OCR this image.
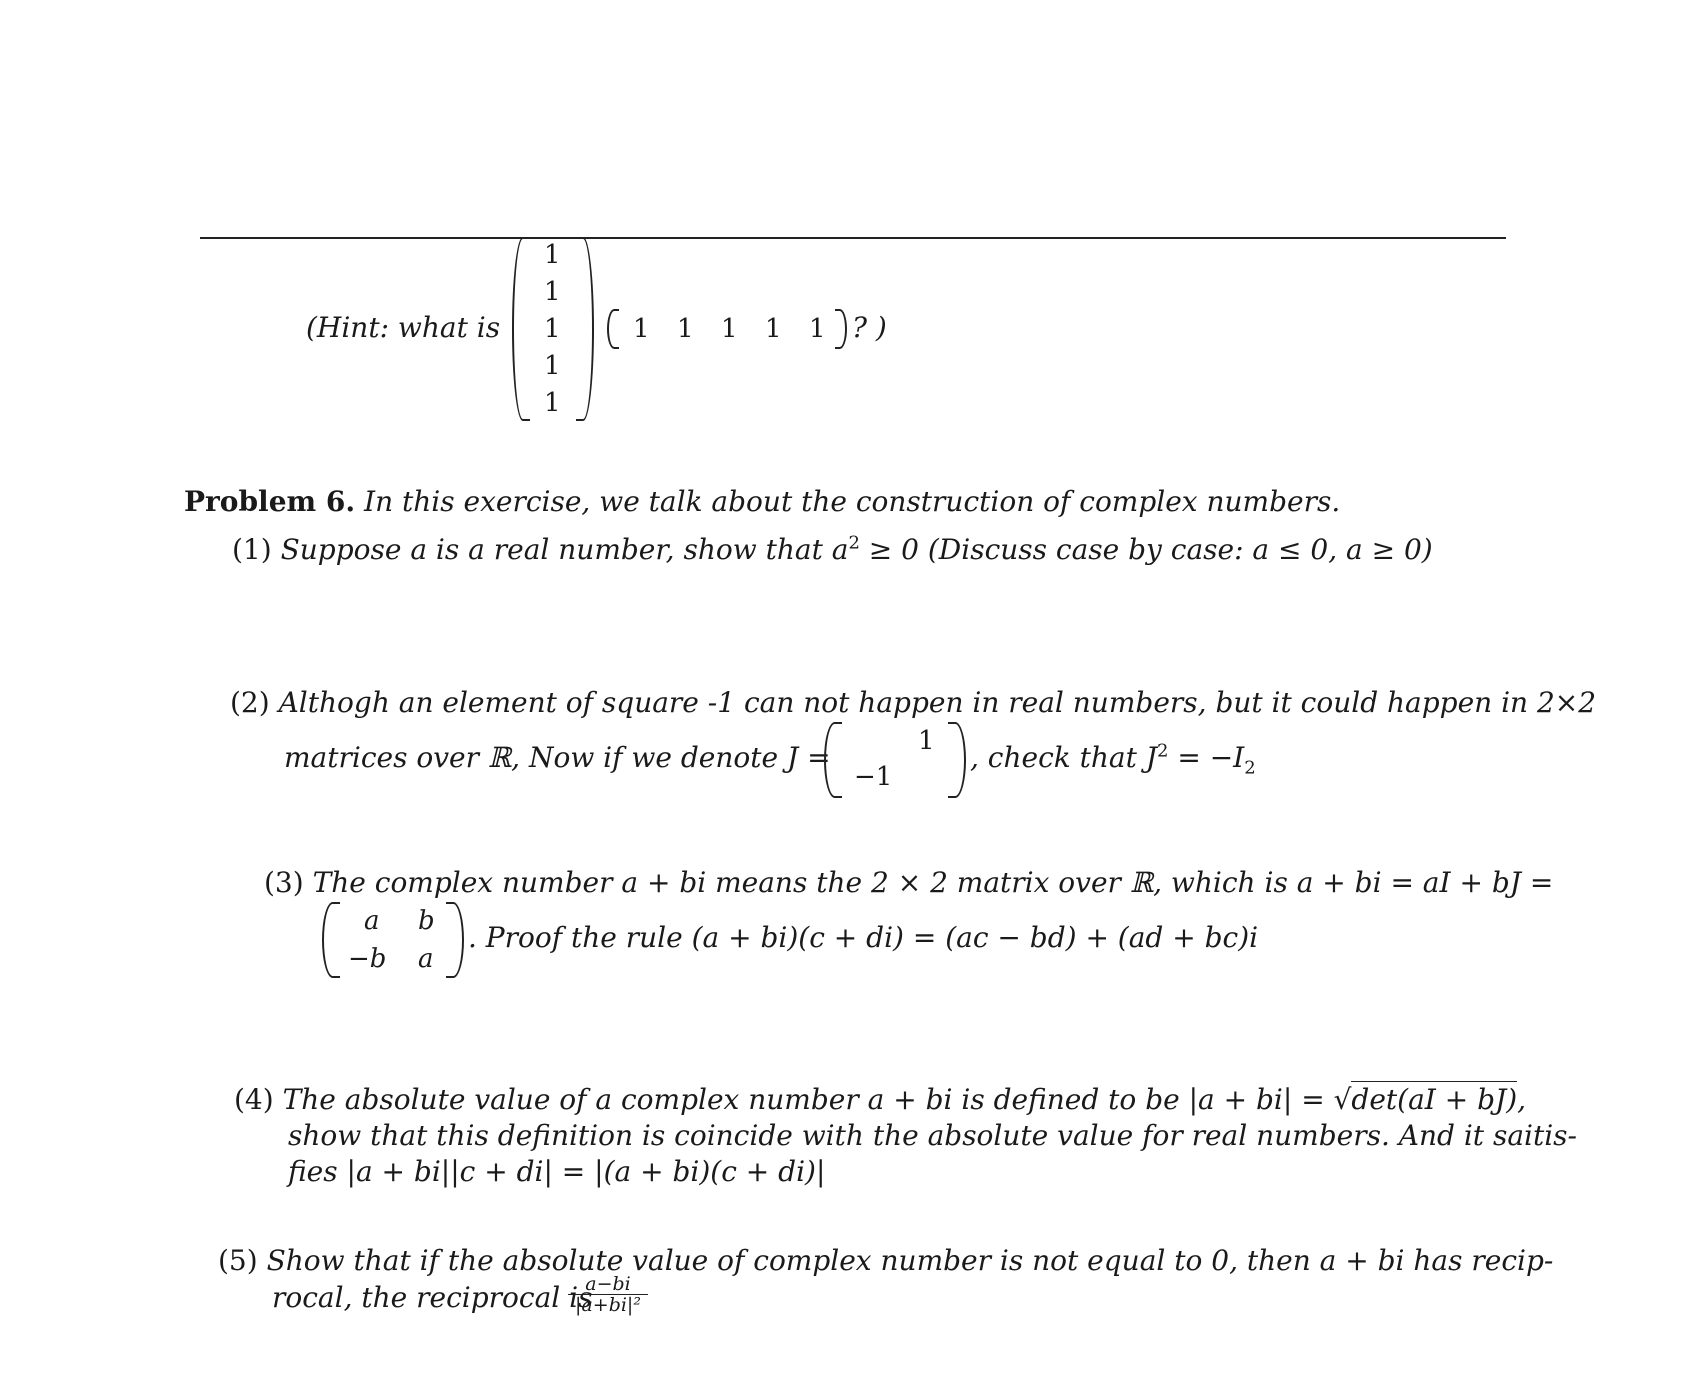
(Hint: what is
1
1
1
1
1
1 1 1 1 1 ? )
Problem 6. In this exercise, we talk about the construction of complex numbers.
(1) Suppose a is a real number, show that $a^2 \ge 0$ (Discuss case by case: a ≤ 0, a ≥ 0)
(2) Althogh an element of square -1 can not happen in real numbers, but it could happen in 2×2
matrices over ℝ, Now if we denote J =	1
−1
, check that $J^2 = -I_2$
(3) The complex number a + bi means the 2 × 2 matrix over ℝ, which is a + bi = aI + bJ =
a b
−b a
. Proof the rule (a + bi)(c + di) = (ac − bd) + (ad + bc)i
(4) The absolute value of a complex number a + bi is defined to be |a + bi| = √det(aI + bJ),
show that this definition is coincide with the absolute value for real numbers. And it saitis-
fies |a + bi||c + di| = |(a + bi)(c + di)|
(5) Show that if the absolute value of complex number is not equal to 0, then a + bi has recip-
rocal, the reciprocal is
$\frac{a-bi}{\text{|a+bi|²}}$
